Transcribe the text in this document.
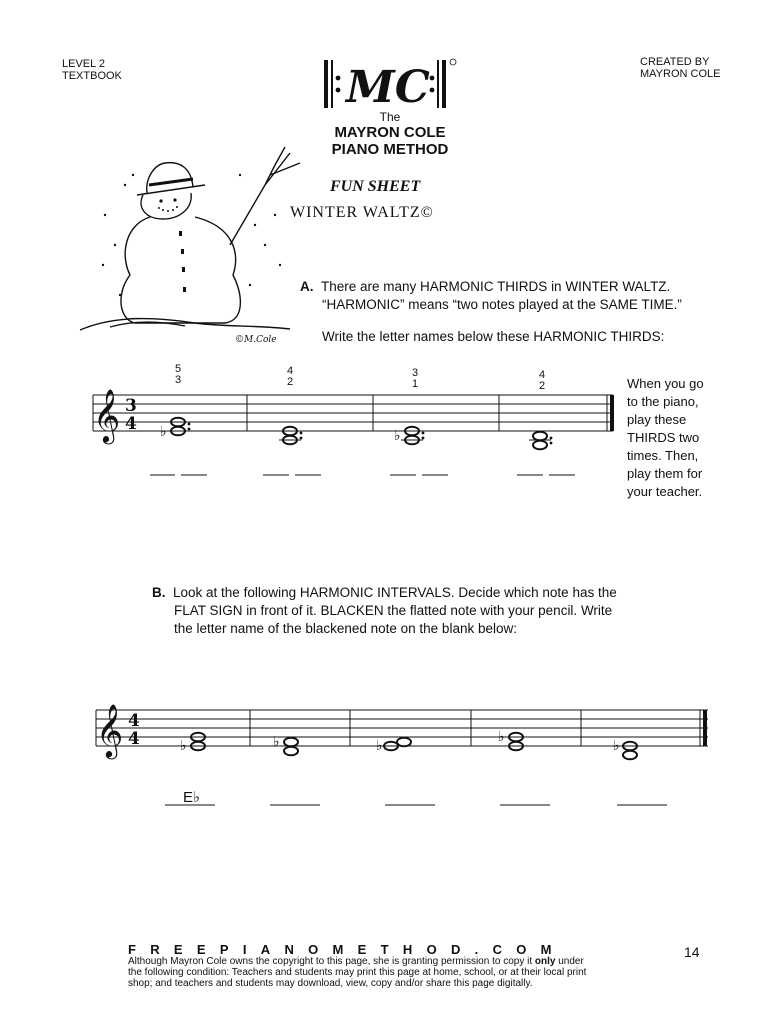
LEVEL 2
TEXTBOOK
CREATED BY
MAYRON COLE
MC
The
MAYRON COLE
PIANO METHOD
FUN SHEET
WINTER WALTZ©
©M.Cole
A. There are many HARMONIC THIRDS in WINTER WALTZ.
“HARMONIC” means “two notes played at the SAME TIME.”
Write the letter names below these HARMONIC THIRDS:
5
3
4
2
3
1
4
2
𝄞 3
4 ♭	♭
When you go
to the piano,
play these
THIRDS two
times. Then,
play them for
your teacher.
B. Look at the following HARMONIC INTERVALS. Decide which note has the
FLAT SIGN in front of it. BLACKEN the flatted note with your pencil. Write
the letter name of the blackened note on the blank below:
𝄞 4
4	♭	♭	♭
♭
♭
E♭
FREEPIANOMETHOD.COM	14
Although Mayron Cole owns the copyright to this page, she is granting permission to copy it only under
the following condition: Teachers and students may print this page at home, school, or at their local print
shop; and teachers and students may download, view, copy and/or share this page digitally.
